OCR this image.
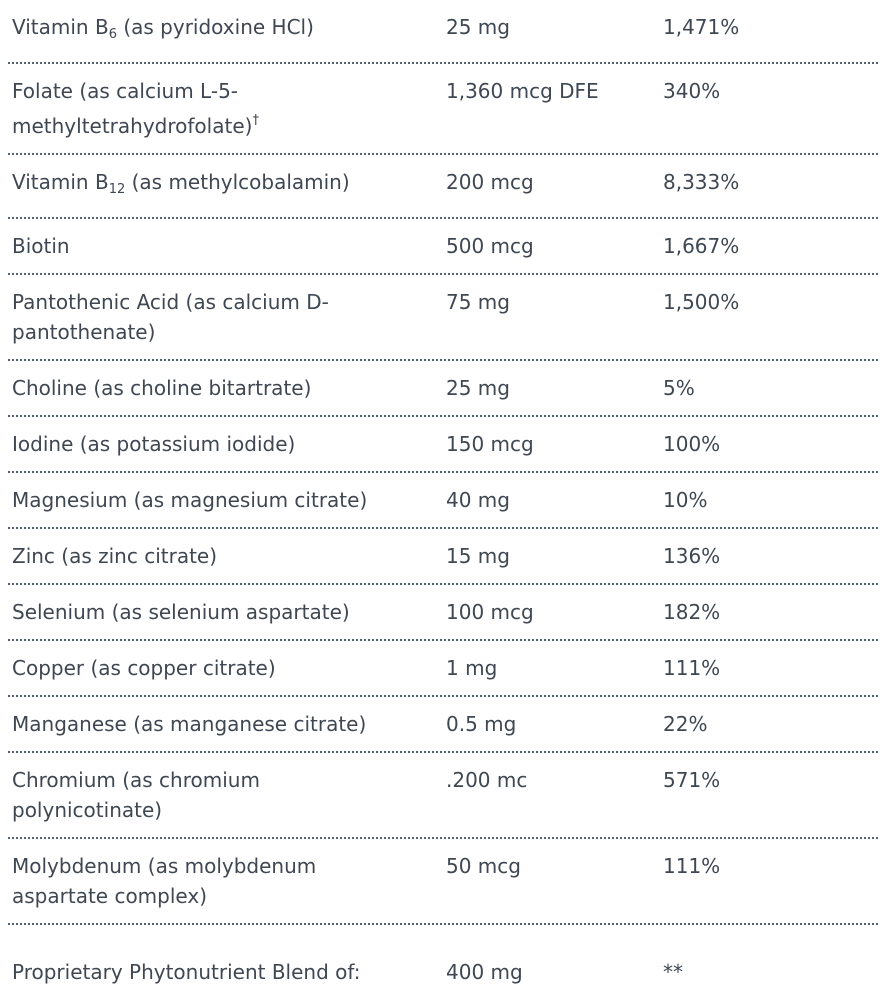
Vitamin $B_6$ (as pyridoxine HCl)	25 mg	1,471%
Folate (as calcium L-5-
methyltetrahydrofolate)†
1,360 mcg DFE	340%
Vitamin $B_{12}$ (as methylcobalamin)	200 mcg	8,333%
Biotin	500 mcg	1,667%
Pantothenic Acid (as calcium D-
pantothenate)
75 mg	1,500%
Choline (as choline bitartrate)	25 mg	5%
Iodine (as potassium iodide)	150 mcg	100%
Magnesium (as magnesium citrate)	40 mg	10%
Zinc (as zinc citrate)	15 mg	136%
Selenium (as selenium aspartate)	100 mcg	182%
Copper (as copper citrate)	1 mg	111%
Manganese (as manganese citrate)	0.5 mg	22%
Chromium (as chromium
polynicotinate)
.200 mc	571%
Molybdenum (as molybdenum
aspartate complex)
50 mcg	111%
Proprietary Phytonutrient Blend of:	400 mg	**
